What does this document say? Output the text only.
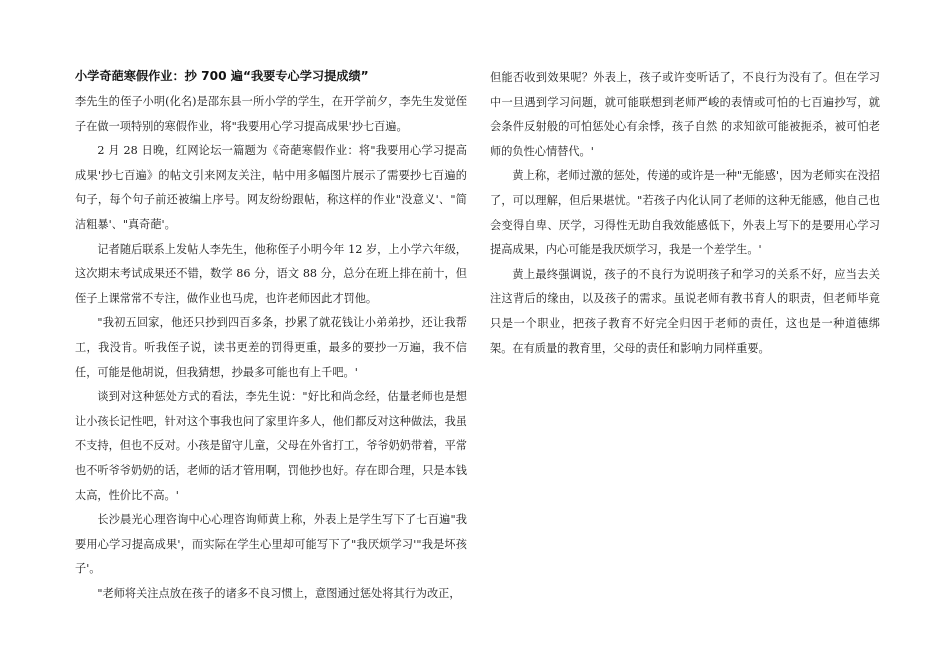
小学奇葩寒假作业：抄 700 遍“我要专心学习提成绩”

李先生的侄子小明(化名)是邵东县一所小学的学生，在开学前夕，李先生发觉侄子在做一项特别的寒假作业，将"我要用心学习提高成果'抄七百遍。

2 月 28 日晚，红网论坛一篇题为《奇葩寒假作业：将"我要用心学习提高成果'抄七百遍》的帖文引来网友关注，帖中用多幅图片展示了需要抄七百遍的句子，每个句子前还被编上序号。网友纷纷跟帖，称这样的作业"没意义'、"简洁粗暴'、"真奇葩'。

记者随后联系上发帖人李先生，他称侄子小明今年 12 岁，上小学六年级，这次期末考试成果还不错，数学 86 分，语文 88 分，总分在班上排在前十，但侄子上课常常不专注，做作业也马虎，也许老师因此才罚他。

"我初五回家，他还只抄到四百多条，抄累了就花钱让小弟弟抄，还让我帮工，我没肯。听我侄子说，读书更差的罚得更重，最多的要抄一万遍，我不信任，可能是他胡说，但我猜想，抄最多可能也有上千吧。'

谈到对这种惩处方式的看法，李先生说："好比和尚念经，估量老师也是想让小孩长记性吧，针对这个事我也问了家里许多人，他们都反对这种做法，我虽不支持，但也不反对。小孩是留守儿童，父母在外省打工，爷爷奶奶带着，平常也不听爷爷奶奶的话，老师的话才管用啊，罚他抄也好。存在即合理，只是本钱太高，性价比不高。'

长沙晨光心理咨询中心心理咨询师黄上称，外表上是学生写下了七百遍"我要用心学习提高成果'，而实际在学生心里却可能写下了"我厌烦学习'"我是坏孩子'。

"老师将关注点放在孩子的诸多不良习惯上，意图通过惩处将其行为改正，

但能否收到效果呢？外表上，孩子或许变听话了，不良行为没有了。但在学习中一旦遇到学习问题，就可能联想到老师严峻的表情或可怕的七百遍抄写，就会条件反射般的可怕惩处心有余悸，孩子自然 的求知欲可能被扼杀，被可怕老师的负性心情替代。'

黄上称，老师过激的惩处，传递的或许是一种"无能感'，因为老师实在没招了，可以理解，但后果堪忧。"若孩子内化认同了老师的这种无能感，他自己也会变得自卑、厌学，习得性无助自我效能感低下，外表上写下的是要用心学习提高成果，内心可能是我厌烦学习，我是一个差学生。'

黄上最终强调说，孩子的不良行为说明孩子和学习的关系不好，应当去关注这背后的缘由，以及孩子的需求。虽说老师有教书育人的职责，但老师毕竟只是一个职业，把孩子教育不好完全归因于老师的责任，这也是一种道德绑架。在有质量的教育里，父母的责任和影响力同样重要。
